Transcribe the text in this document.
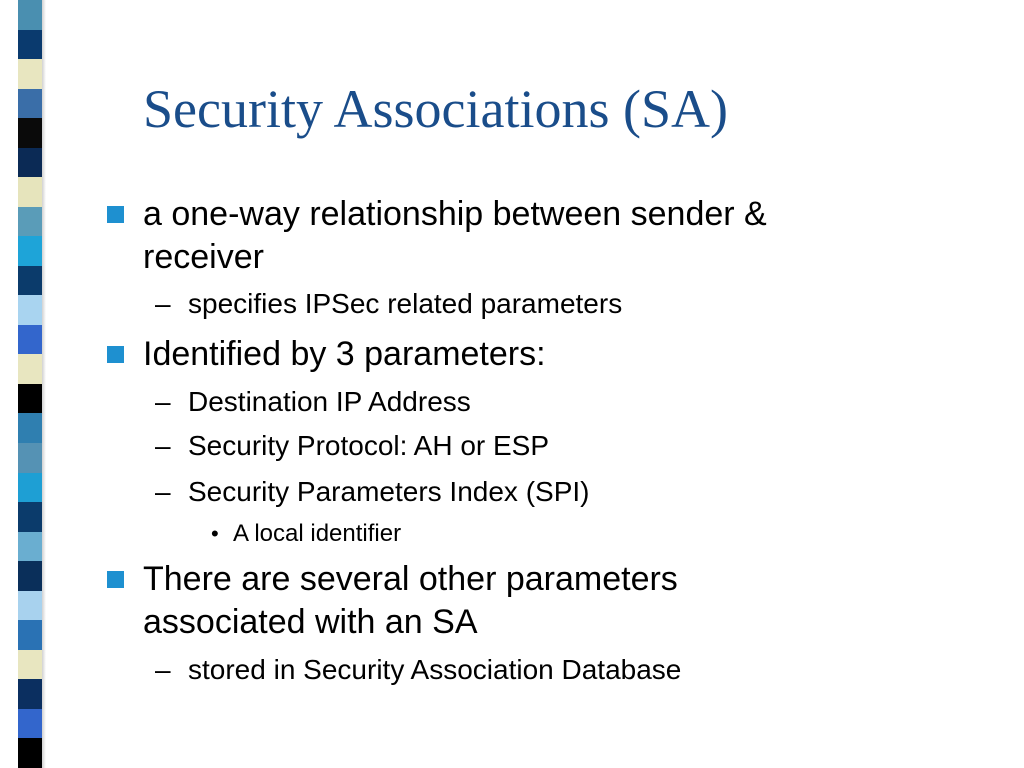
Security Associations (SA)
a one-way relationship between sender &
receiver
– specifies IPSec related parameters
Identified by 3 parameters:
– Destination IP Address
– Security Protocol: AH or ESP
– Security Parameters Index (SPI)
• A local identifier
There are several other parameters
associated with an SA
– stored in Security Association Database
